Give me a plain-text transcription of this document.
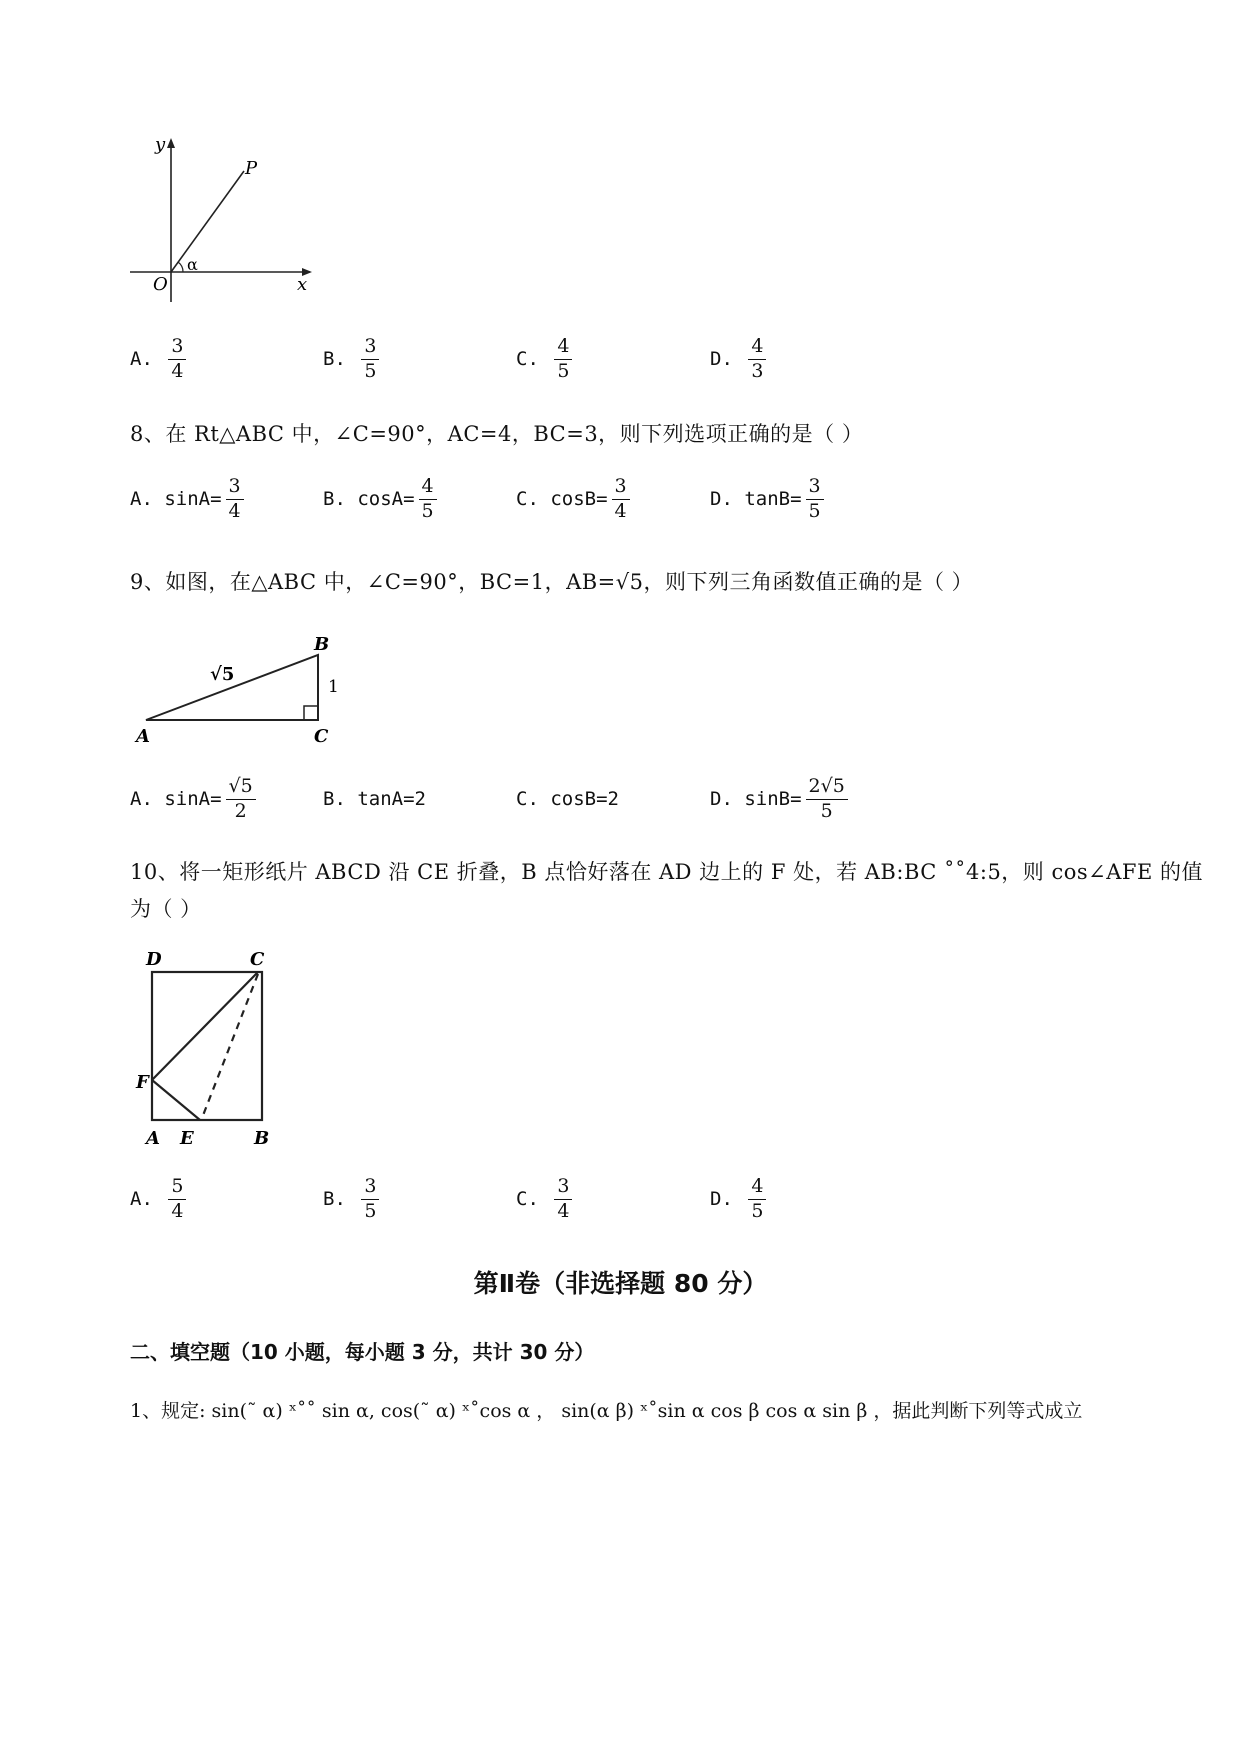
y
P
α
O	x
A. $\frac{3}{4}$	B. $\frac{3}{5}$	C. $\frac{4}{5}$	D. $\frac{4}{3}$
8、在 Rt△ABC 中，∠C=90°，AC=4，BC=3，则下列选项正确的是（ ）
A. $\sin A= \frac{3}{4}$	B. $\cos A= \frac{4}{5}$	C. $\cos B= \frac{3}{4}$	D. $\tan B= \frac{3}{5}$
9、如图，在△ABC 中，∠C=90°，BC=1，AB=√5，则下列三角函数值正确的是（ ）
B
A	C
1
√5
A. $\sin A= \frac{√5}{2}$	B. tanA=2	C. cosB=2	D. $\sin B= \frac{2√5}{5}$
10、将一矩形纸片 ABCD 沿 CE 折叠，B 点恰好落在 AD 边上的 F 处，若 AB:BC ˚˚4:5，则 cos∠AFE 的值
为（ ）
D	C
F
A E	B
A. $\frac{5}{4}$	B. $\frac{3}{5}$	C. $\frac{3}{4}$	D. $\frac{4}{5}$
第Ⅱ卷（非选择题 80 分）
二、填空题（10 小题，每小题 3 分，共计 30 分）
1、规定: sin(˜ α) ˣ˚˚ sin α, cos(˜ α) ˣ˚cos α ， sin(α β) ˣ˚sin α cos β cos α sin β ，据此判断下列等式成立
